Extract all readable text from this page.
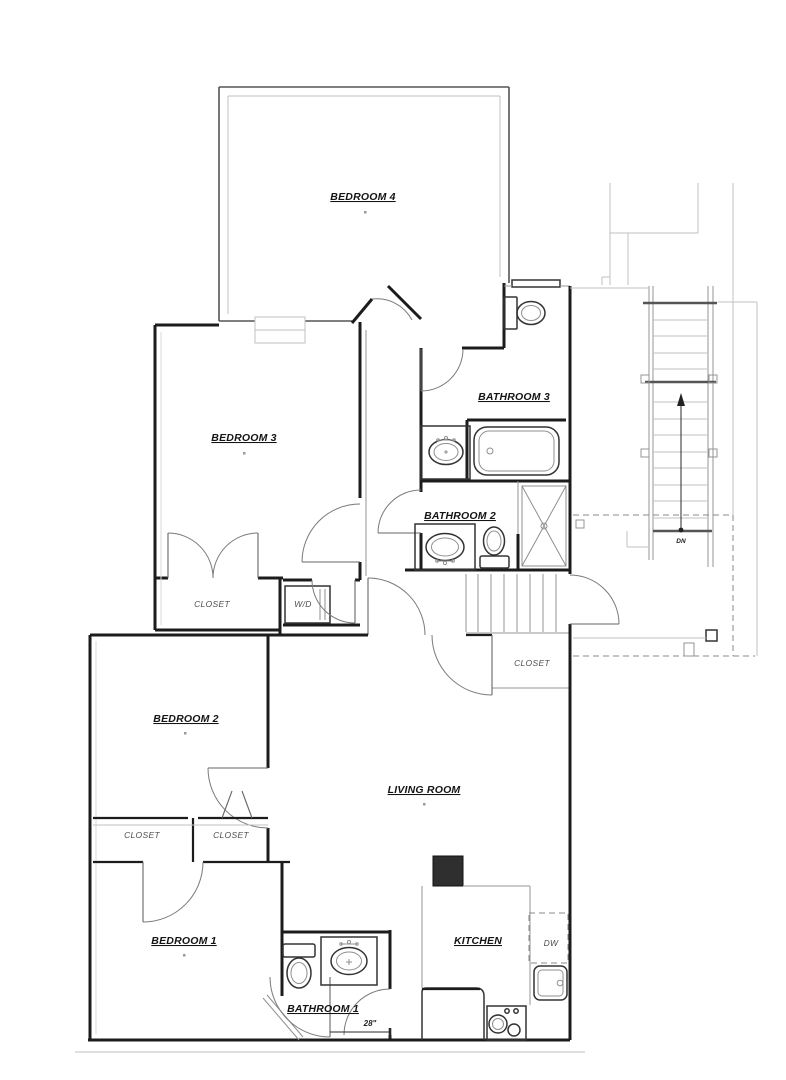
BEDROOM 4
BEDROOM 3
BATHROOM 3
BATHROOM 2
BEDROOM 2
LIVING ROOM
BEDROOM 1	KITCHEN
BATHROOM 1
CLOSET	W/D
CLOSET
CLOSET	CLOSET
DW
DN
28"
